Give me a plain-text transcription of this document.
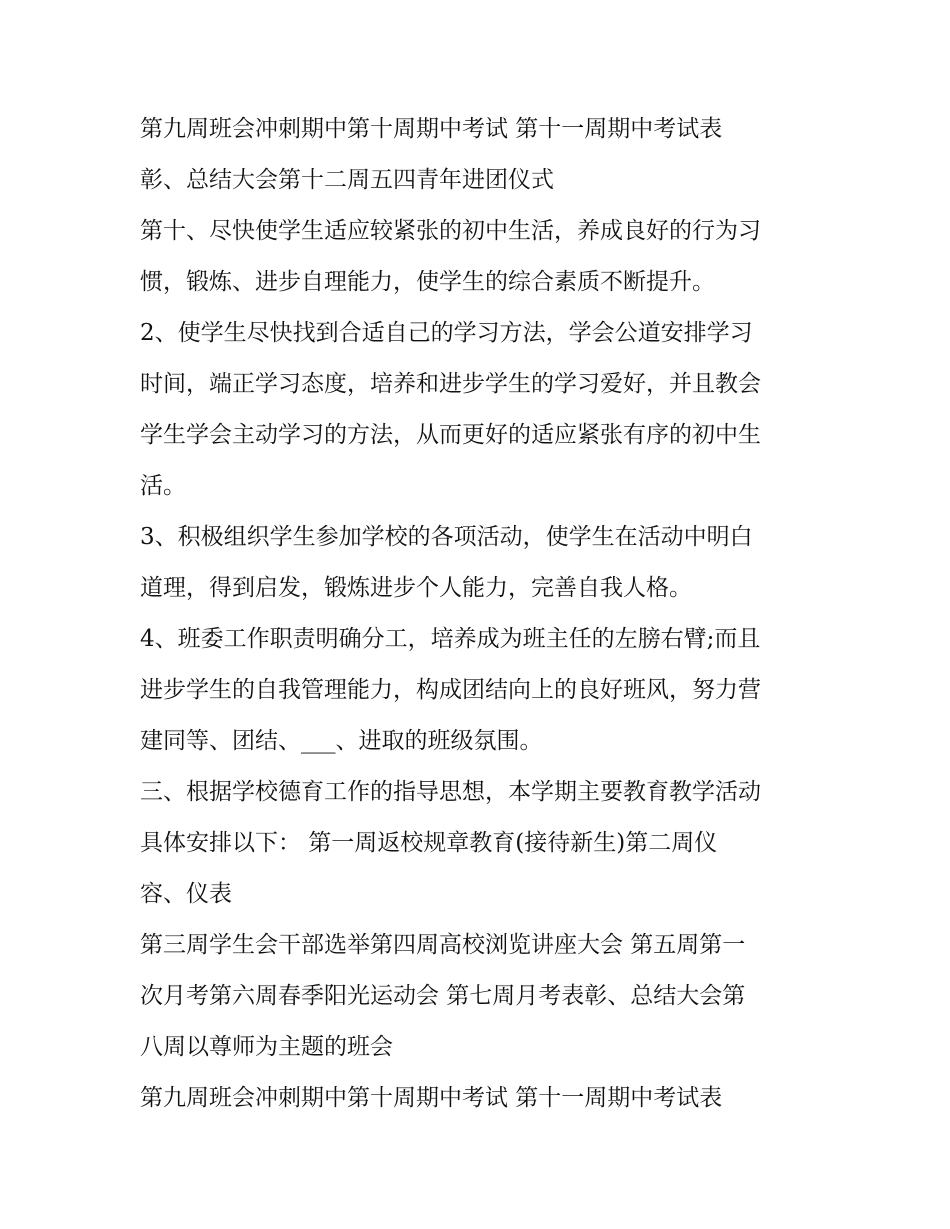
第九周班会冲刺期中第十周期中考试 第十一周期中考试表

彰、总结大会第十二周五四青年进团仪式

第十、尽快使学生适应较紧张的初中生活，养成良好的行为习

惯，锻炼、进步自理能力，使学生的综合素质不断提升。

2、使学生尽快找到合适自己的学习方法，学会公道安排学习

时间，端正学习态度，培养和进步学生的学习爱好，并且教会

学生学会主动学习的方法，从而更好的适应紧张有序的初中生

活。

3、积极组织学生参加学校的各项活动，使学生在活动中明白

道理，得到启发，锻炼进步个人能力，完善自我人格。

4、班委工作职责明确分工，培养成为班主任的左膀右臂;而且

进步学生的自我管理能力，构成团结向上的良好班风，努力营

建同等、团结、___、进取的班级氛围。

三、根据学校德育工作的指导思想，本学期主要教育教学活动

具体安排以下： 第一周返校规章教育(接待新生)第二周仪

容、仪表

第三周学生会干部选举第四周高校浏览讲座大会 第五周第一

次月考第六周春季阳光运动会 第七周月考表彰、总结大会第

八周以尊师为主题的班会

第九周班会冲刺期中第十周期中考试 第十一周期中考试表
